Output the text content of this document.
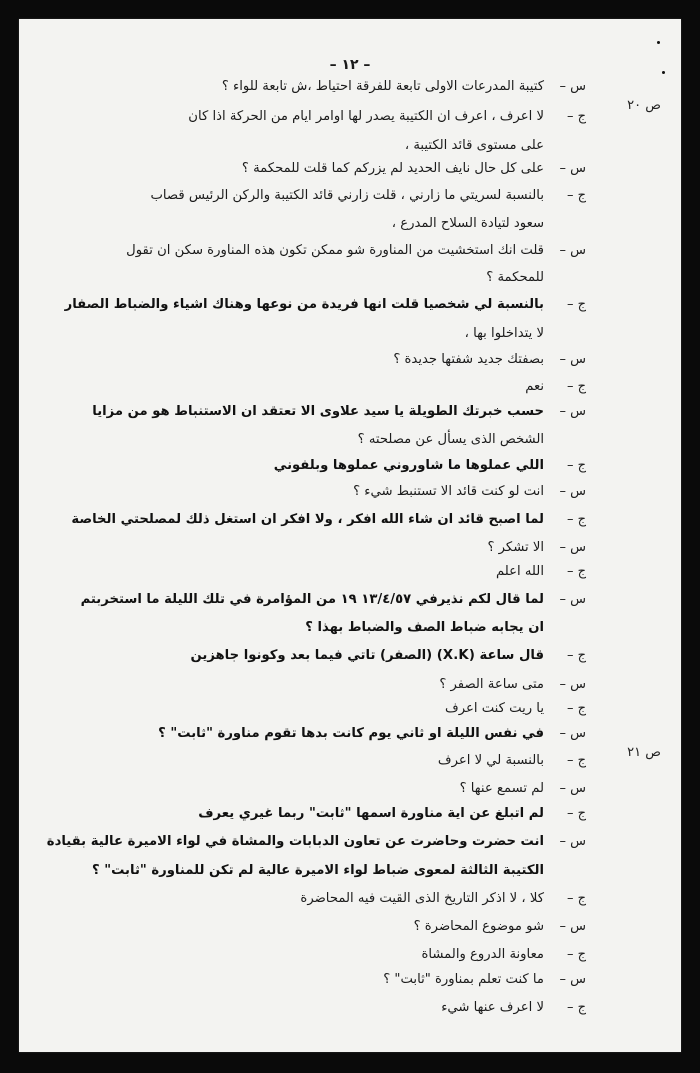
– ١٢ –
ص ٢٠
ص ٢١
س –
كتيبة المدرعات الاولى تابعة للفرقة احتياط ،ش تابعة للواء ؟
ج –
لا اعرف ، اعرف ان الكتيبة يصدر لها اوامر ايام من الحركة اذا كان
على مستوى قائد الكتيبة ،
س –
على كل حال نايف الحديد لم يزركم كما قلت للمحكمة ؟
ج –
بالنسبة لسريتي ما زارني ، قلت زارني قائد الكتيبة والركن الرئيس قصاب
سعود لتيادة السلاح المدرع ،
س –
قلت انك استخشيت من المناورة شو ممكن تكون هذه المناورة سكن ان تقول
للمحكمة ؟
ج –
بالنسبة لي شخصيا قلت انها فريدة من نوعها وهناك اشياء والضباط الصفار
لا يتداخلوا بها ،
س –
بصفتك جديد شفتها جديدة ؟
ج –
نعم
س –
حسب خبرتك الطويلة يا سيد علاوى الا تعتقد ان الاستنباط هو من مزايا
الشخص الذى يسأل عن مصلحته ؟
ج –
اللي عملوها ما شاوروني عملوها وبلفوني
س –
انت لو كنت قائد الا تستنبط شيء ؟
ج –
لما اصبح قائد ان شاء الله افكر ، ولا افكر ان استغل ذلك لمصلحتي الخاصة
س –
الا تشكر ؟
ج –
الله اعلم
س –
لما قال لكم نذيرفي ١٣/٤/٥٧ ١٩ من المؤامرة في تلك الليلة ما استخربتم
ان يجابه ضباط الصف والضباط بهذا ؟
ج –
قال ساعة (X.K) (الصفر) تاتي فيما بعد وكونوا جاهزين
س –
متى ساعة الصفر ؟
ج –
يا ريت كنت اعرف
س –
في نفس الليلة او ثاني يوم كانت بدها تقوم مناورة "ثابت" ؟
ج –
بالنسبة لي لا اعرف
س –
لم تسمع عنها ؟
ج –
لم اتبلغ عن اية مناورة اسمها "ثابت" ربما غيري يعرف
س –
انت حضرت وحاضرت عن تعاون الدبابات والمشاة في لواء الاميرة عالية بقيادة
الكتيبة الثالثة لمعوى ضباط لواء الاميرة عالية لم تكن للمناورة "ثابت" ؟
ج –
كلا ، لا اذكر التاريخ الذى القيت فيه المحاضرة
س –
شو موضوع المحاضرة ؟
ج –
معاونة الدروع والمشاة
س –
ما كنت تعلم بمناورة "ثابت" ؟
ج –
لا اعرف عنها شيء
